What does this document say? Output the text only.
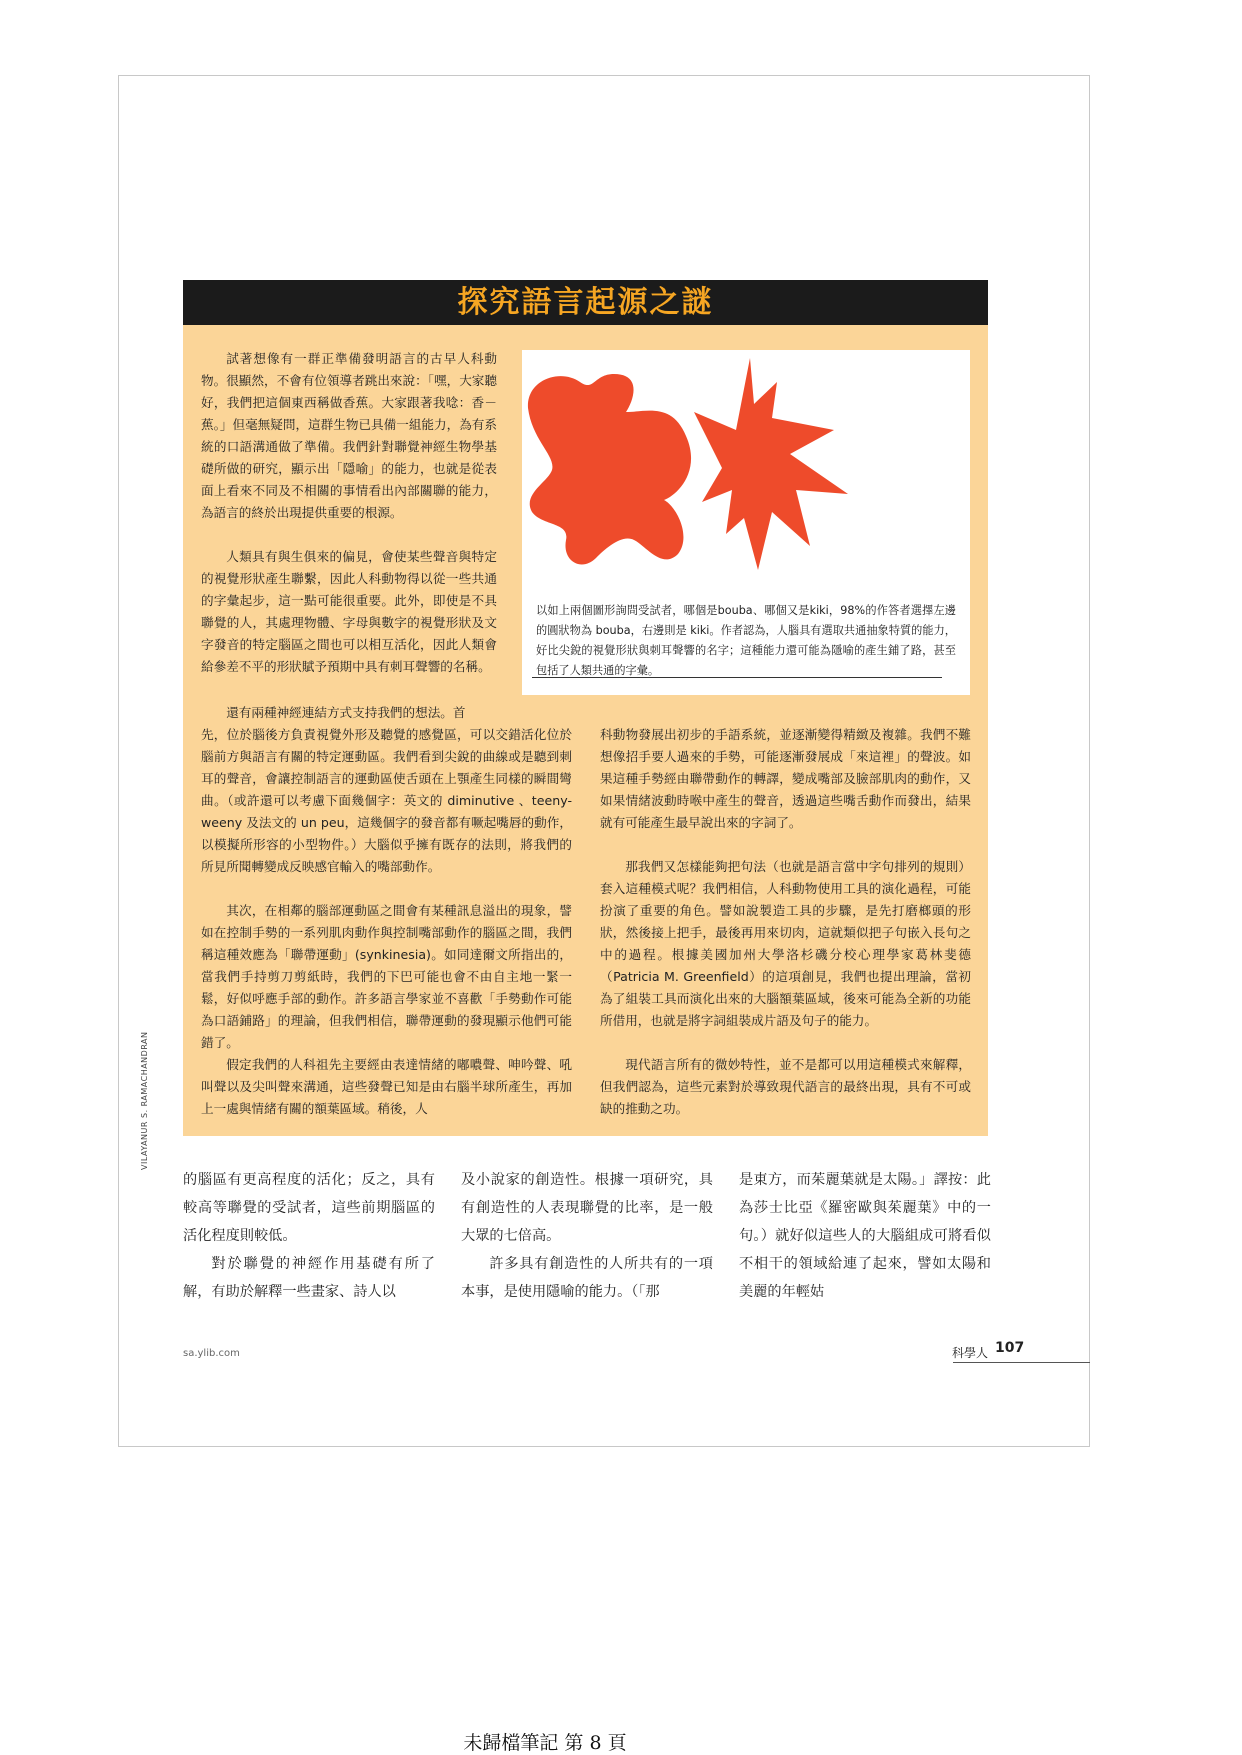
探究語言起源之謎

試著想像有一群正準備發明語言的古早人科動物。很顯然，不會有位領導者跳出來說：「嘿，大家聽好，我們把這個東西稱做香蕉。大家跟著我唸：香－蕉。」但毫無疑問，這群生物已具備一組能力，為有系統的口語溝通做了準備。我們針對聯覺神經生物學基礎所做的研究，顯示出「隱喻」的能力，也就是從表面上看來不同及不相關的事情看出內部關聯的能力，為語言的終於出現提供重要的根源。

人類具有與生俱來的偏見，會使某些聲音與特定的視覺形狀產生聯繫，因此人科動物得以從一些共通的字彙起步，這一點可能很重要。此外，即使是不具聯覺的人，其處理物體、字母與數字的視覺形狀及文字發音的特定腦區之間也可以相互活化，因此人類會給參差不平的形狀賦予預期中具有刺耳聲響的名稱。

還有兩種神經連結方式支持我們的想法。首

以如上兩個圖形詢問受試者，哪個是bouba、哪個又是kiki，98%的作答者選擇左邊的圓狀物為 bouba，右邊則是 kiki。作者認為，人腦具有選取共通抽象特質的能力，好比尖銳的視覺形狀與刺耳聲響的名字；這種能力還可能為隱喻的產生鋪了路，甚至包括了人類共通的字彙。

先，位於腦後方負責視覺外形及聽覺的感覺區，可以交錯活化位於腦前方與語言有關的特定運動區。我們看到尖銳的曲線或是聽到刺耳的聲音，會讓控制語言的運動區使舌頭在上顎產生同樣的瞬間彎曲。（或許還可以考慮下面幾個字：英文的 diminutive 、teeny-weeny 及法文的 un peu，這幾個字的發音都有噘起嘴唇的動作，以模擬所形容的小型物件。）大腦似乎擁有既存的法則，將我們的所見所聞轉變成反映感官輸入的嘴部動作。

其次，在相鄰的腦部運動區之間會有某種訊息溢出的現象，譬如在控制手勢的一系列肌肉動作與控制嘴部動作的腦區之間，我們稱這種效應為「聯帶運動」(synkinesia)。如同達爾文所指出的，當我們手持剪刀剪紙時，我們的下巴可能也會不由自主地一緊一鬆，好似呼應手部的動作。許多語言學家並不喜歡「手勢動作可能為口語鋪路」的理論，但我們相信，聯帶運動的發現顯示他們可能錯了。

假定我們的人科祖先主要經由表達情緒的嘟噥聲、呻吟聲、吼叫聲以及尖叫聲來溝通，這些發聲已知是由右腦半球所產生，再加上一處與情緒有關的額葉區域。稍後，人

科動物發展出初步的手語系統，並逐漸變得精緻及複雜。我們不難想像招手要人過來的手勢，可能逐漸發展成「來這裡」的聲波。如果這種手勢經由聯帶動作的轉譯，變成嘴部及臉部肌肉的動作，又如果情緒波動時喉中產生的聲音，透過這些嘴舌動作而發出，結果就有可能產生最早說出來的字詞了。

那我們又怎樣能夠把句法（也就是語言當中字句排列的規則）套入這種模式呢？我們相信，人科動物使用工具的演化過程，可能扮演了重要的角色。譬如說製造工具的步驟，是先打磨榔頭的形狀，然後接上把手，最後再用來切肉，這就類似把子句嵌入長句之中的過程。根據美國加州大學洛杉磯分校心理學家葛林斐德（Patricia M. Greenfield）的這項創見，我們也提出理論，當初為了組裝工具而演化出來的大腦額葉區域，後來可能為全新的功能所借用，也就是將字詞組裝成片語及句子的能力。

現代語言所有的微妙特性，並不是都可以用這種模式來解釋，但我們認為，這些元素對於導致現代語言的最終出現，具有不可或缺的推動之功。

的腦區有更高程度的活化；反之，具有較高等聯覺的受試者，這些前期腦區的活化程度則較低。

對於聯覺的神經作用基礎有所了解，有助於解釋一些畫家、詩人以

及小說家的創造性。根據一項研究，具有創造性的人表現聯覺的比率，是一般大眾的七倍高。

許多具有創造性的人所共有的一項本事，是使用隱喻的能力。（「那

是東方，而茱麗葉就是太陽。」譯按：此為莎士比亞《羅密歐與茱麗葉》中的一句。）就好似這些人的大腦組成可將看似不相干的領域給連了起來，譬如太陽和美麗的年輕姑

VILAYANUR S. RAMACHANDRAN
sa.ylib.com	科學人 107
未歸檔筆記 第 8 頁
